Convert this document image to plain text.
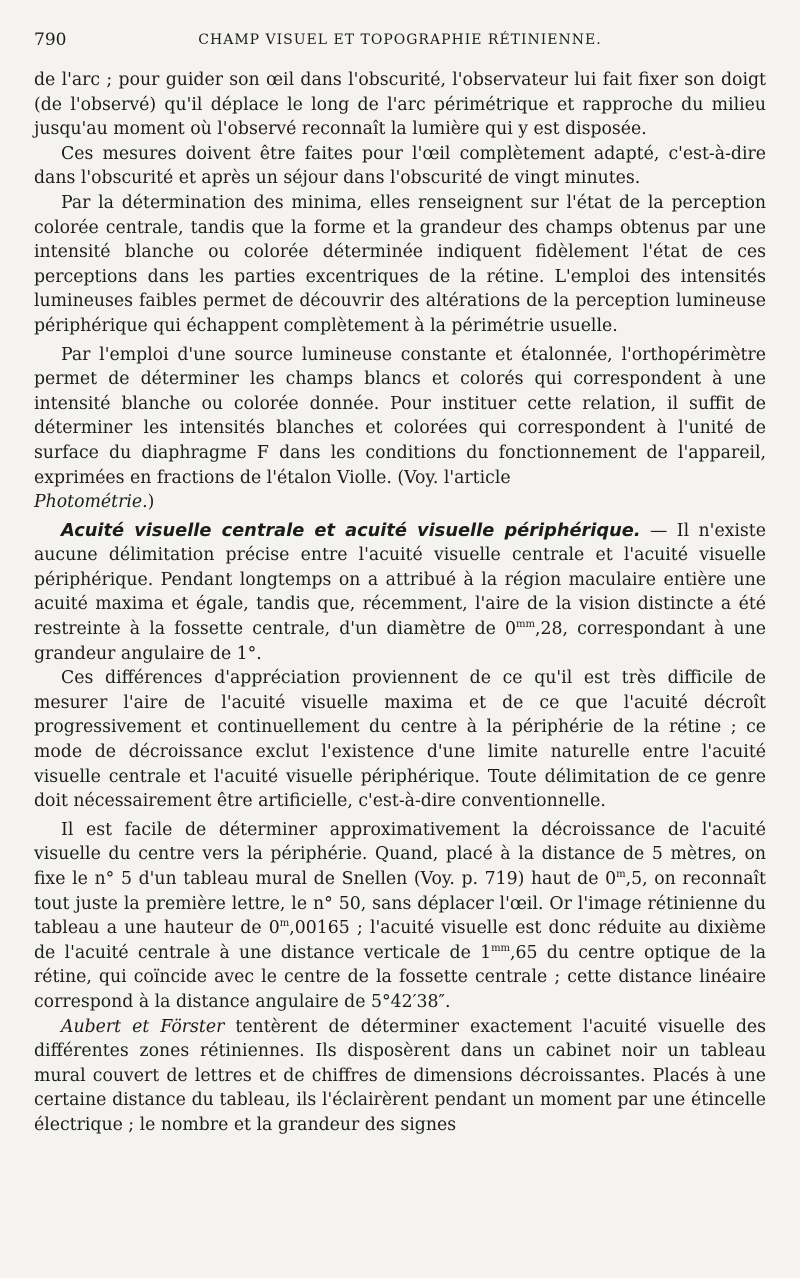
790	CHAMP VISUEL ET TOPOGRAPHIE RÉTINIENNE.

de l'arc ; pour guider son œil dans l'obscurité, l'observateur lui fait fixer son doigt (de l'observé) qu'il déplace le long de l'arc périmétrique et rapproche du milieu jusqu'au moment où l'observé reconnaît la lumière qui y est disposée.

Ces mesures doivent être faites pour l'œil complètement adapté, c'est-à-dire dans l'obscurité et après un séjour dans l'obscurité de vingt minutes.

Par la détermination des minima, elles renseignent sur l'état de la perception colorée centrale, tandis que la forme et la grandeur des champs obtenus par une intensité blanche ou colorée déterminée indiquent fidèlement l'état de ces perceptions dans les parties excentriques de la rétine. L'emploi des intensités lumineuses faibles permet de découvrir des altérations de la perception lumineuse périphérique qui échappent complètement à la périmétrie usuelle.

Par l'emploi d'une source lumineuse constante et étalonnée, l'orthopérimètre permet de déterminer les champs blancs et colorés qui correspondent à une intensité blanche ou colorée donnée. Pour instituer cette relation, il suffit de déterminer les intensités blanches et colorées qui correspondent à l'unité de surface du diaphragme F dans les conditions du fonctionnement de l'appareil, exprimées en fractions de l'étalon Violle. (Voy. l'article
Photométrie.)

Acuité visuelle centrale et acuité visuelle périphérique. — Il n'existe aucune délimitation précise entre l'acuité visuelle centrale et l'acuité visuelle périphérique. Pendant longtemps on a attribué à la région maculaire entière une acuité maxima et égale, tandis que, récemment, l'aire de la vision distincte a été restreinte à la fossette centrale, d'un diamètre de $0^{mm},28$, correspondant à une grandeur angulaire de 1°.

Ces différences d'appréciation proviennent de ce qu'il est très difficile de mesurer l'aire de l'acuité visuelle maxima et de ce que l'acuité décroît progressivement et continuellement du centre à la périphérie de la rétine ; ce mode de décroissance exclut l'existence d'une limite naturelle entre l'acuité visuelle centrale et l'acuité visuelle périphérique. Toute délimitation de ce genre doit nécessairement être artificielle, c'est-à-dire conventionnelle.

Il est facile de déterminer approximativement la décroissance de l'acuité visuelle du centre vers la périphérie. Quand, placé à la distance de 5 mètres, on fixe le n° 5 d'un tableau mural de Snellen (Voy. p. 719) haut de 0$^m$,5, on reconnaît tout juste la première lettre, le n° 50, sans déplacer l'œil. Or l'image rétinienne du tableau a une hauteur de 0$^m$,00165 ; l'acuité visuelle est donc réduite au dixième de l'acuité centrale à une distance verticale de $1^{mm},65$ du centre optique de la rétine, qui coïncide avec le centre de la fossette centrale ; cette distance linéaire correspond à la distance angulaire de 5°42′38″.

Aubert et Förster tentèrent de déterminer exactement l'acuité visuelle des différentes zones rétiniennes. Ils disposèrent dans un cabinet noir un tableau mural couvert de lettres et de chiffres de dimensions décroissantes. Placés à une certaine distance du tableau, ils l'éclairèrent pendant un moment par une étincelle électrique ; le nombre et la grandeur des signes
